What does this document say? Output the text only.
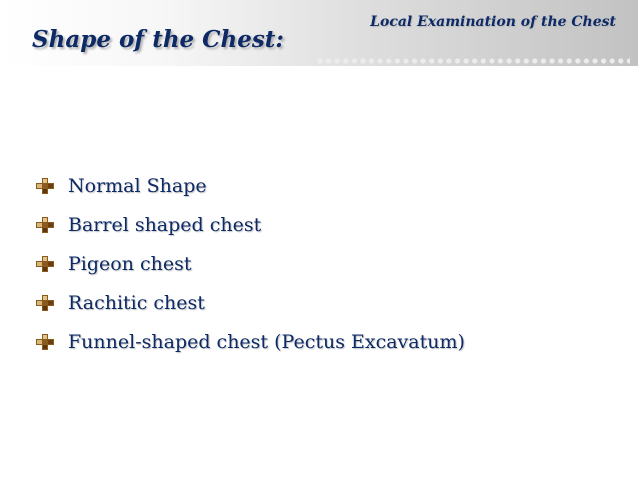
Local Examination of the Chest
Shape of the Chest:
Normal Shape
Barrel shaped chest
Pigeon chest
Rachitic chest
Funnel-shaped chest (Pectus Excavatum)
